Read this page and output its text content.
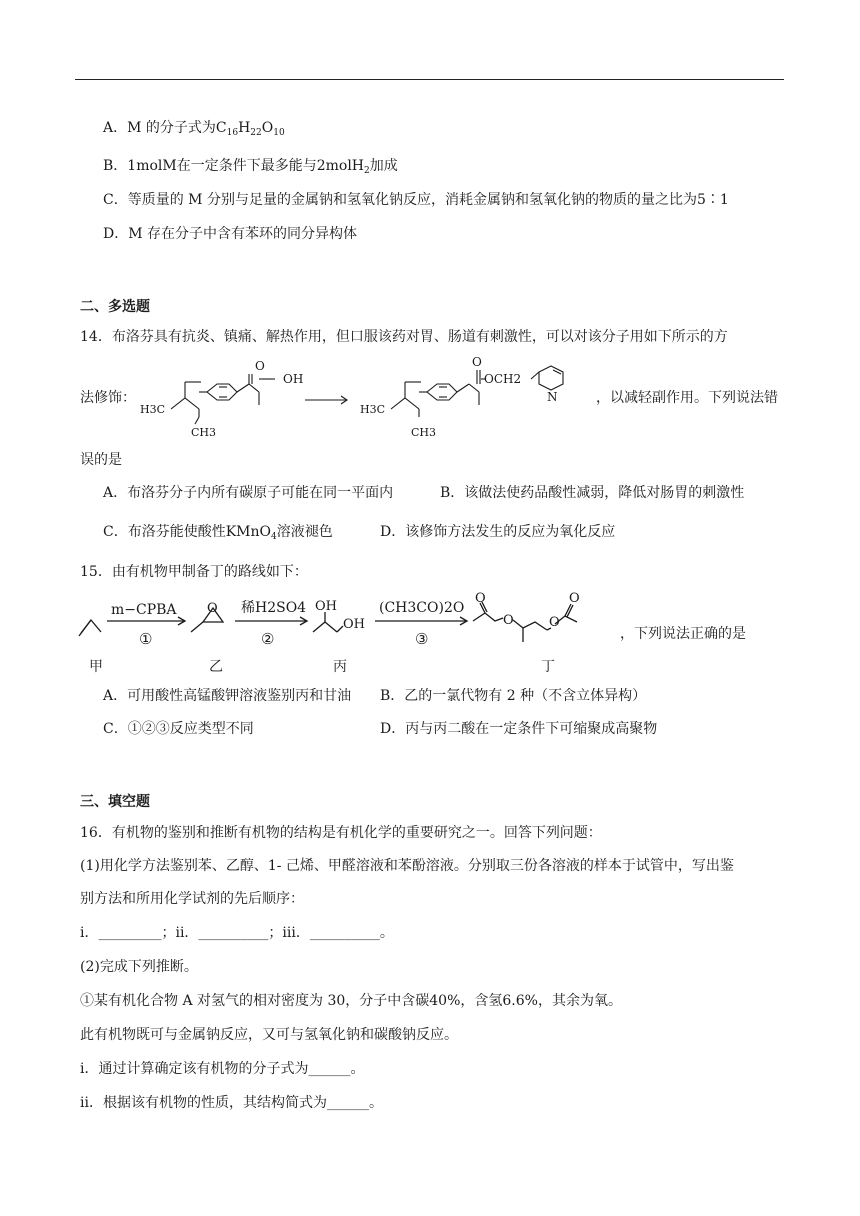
A．M 的分子式为$C_{16}H_{22}O_{10}$
B．1molM在一定条件下最多能与2molH$_2$加成
C．等质量的 M 分别与足量的金属钠和氢氧化钠反应，消耗金属钠和氢氧化钠的物质的量之比为5∶1
D．M 存在分子中含有苯环的同分异构体
二、多选题
14．布洛芬具有抗炎、镇痛、解热作用，但口服该药对胃、肠道有刺激性，可以对该分子用如下所示的方
法修饰：
OH
O
H3C
CH3
H3C
CH3
OCH2
O
N	，以减轻副作用。下列说法错
误的是
A．布洛芬分子内所有碳原子可能在同一平面内	B．该做法使药品酸性减弱，降低对肠胃的刺激性
C．布洛芬能使酸性KMnO$_4$溶液褪色	D．该修饰方法发生的反应为氧化反应
15．由有机物甲制备丁的路线如下：
m−CPBA
①
O 稀H2SO4
②
OH
OH
(CH3CO)2O
③
O
O	O
O
甲	乙	丙	丁
，下列说法正确的是
A．可用酸性高锰酸钾溶液鉴别丙和甘油 B．乙的一氯代物有 2 种（不含立体异构）
C．①②③反应类型不同	D．丙与丙二酸在一定条件下可缩聚成高聚物
三、填空题
16．有机物的鉴别和推断有机物的结构是有机化学的重要研究之一。回答下列问题：
(1)用化学方法鉴别苯、乙醇、1- 己烯、甲醛溶液和苯酚溶液。分别取三份各溶液的样本于试管中，写出鉴
别方法和所用化学试剂的先后顺序：
i．_________；ii．__________；iii．__________。
(2)完成下列推断。
①某有机化合物 A 对氢气的相对密度为 30，分子中含碳40%，含氢6.6%，其余为氧。
此有机物既可与金属钠反应，又可与氢氧化钠和碳酸钠反应。
i．通过计算确定该有机物的分子式为______。
ii．根据该有机物的性质，其结构简式为______。
